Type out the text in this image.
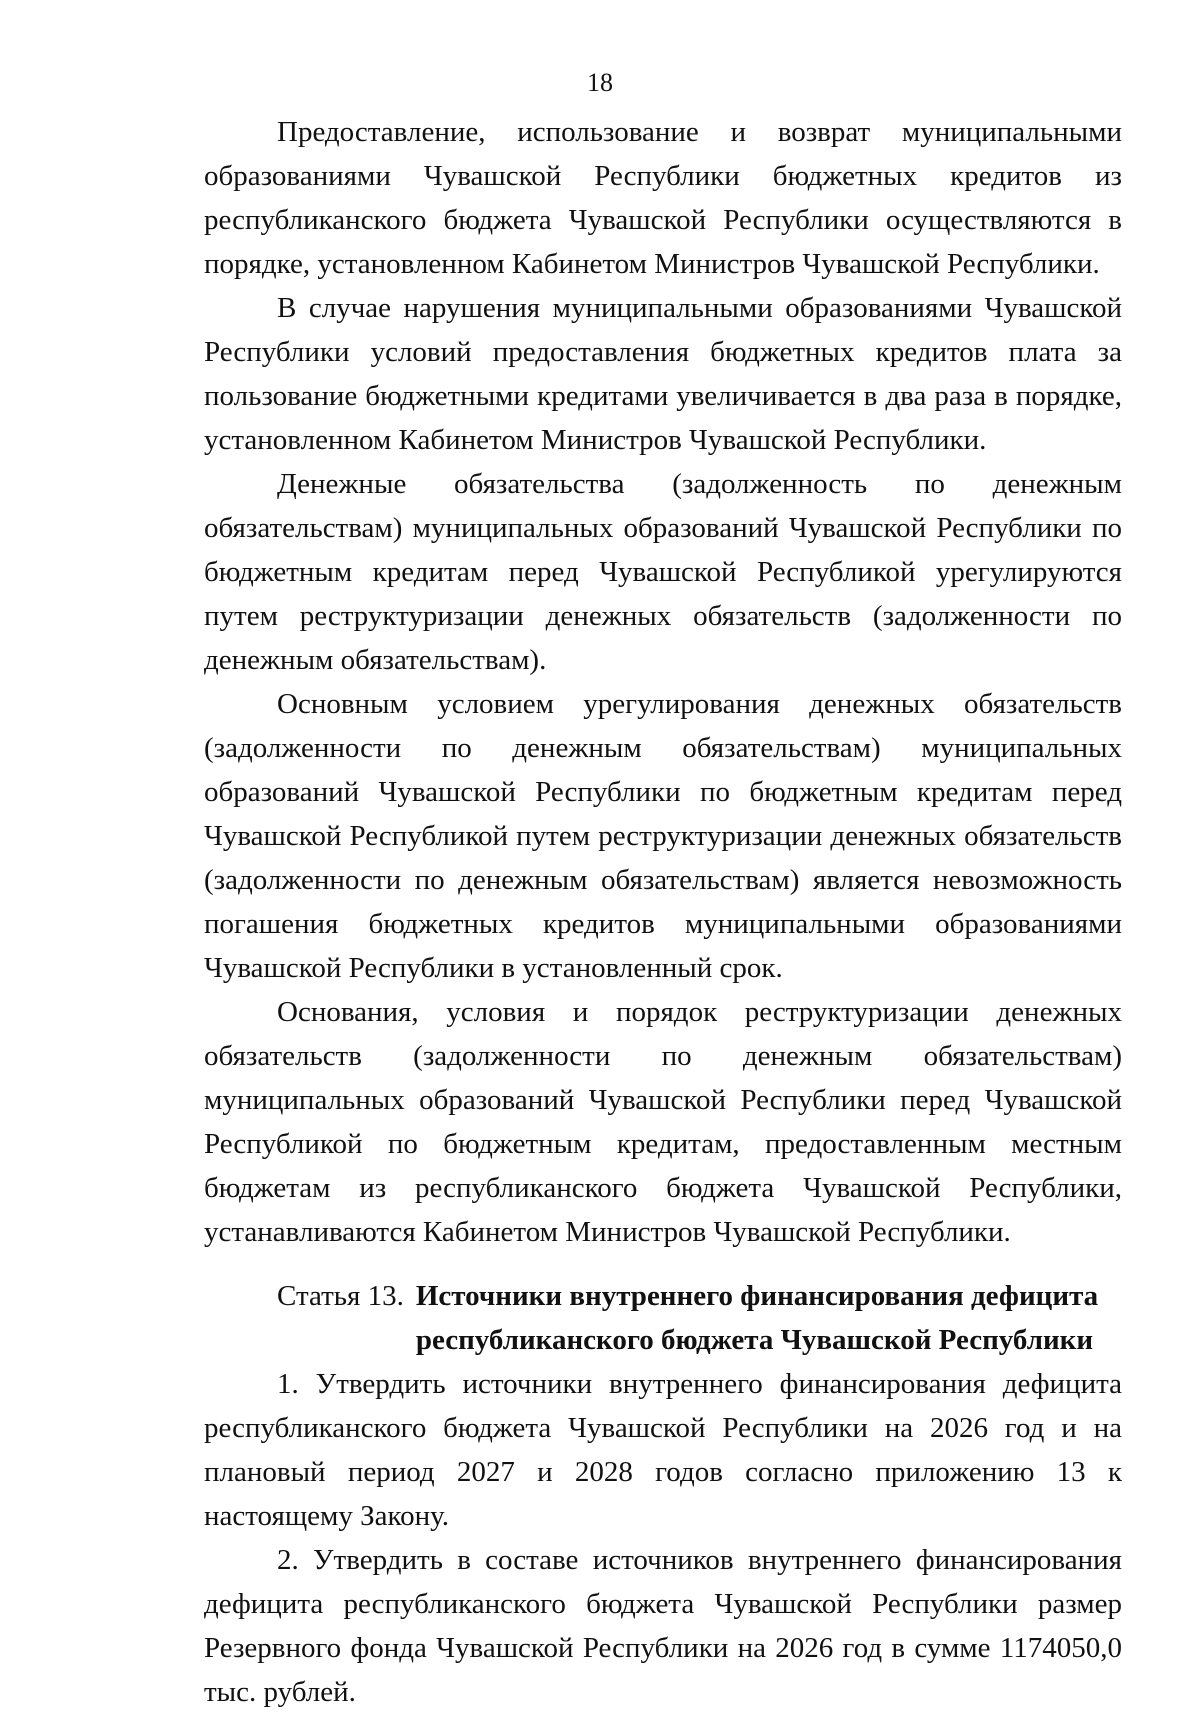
18

Предоставление, использование и возврат муниципальными образованиями Чувашской Республики бюджетных кредитов из республиканского бюджета Чувашской Республики осуществляются в порядке, установленном Кабинетом Министров Чувашской Республики.

В случае нарушения муниципальными образованиями Чувашской Республики условий предоставления бюджетных кредитов плата за пользование бюджетными кредитами увеличивается в два раза в порядке, установленном Кабинетом Министров Чувашской Республики.

Денежные обязательства (задолженность по денежным обязательствам) муниципальных образований Чувашской Республики по бюджетным кредитам перед Чувашской Республикой урегулируются путем реструктуризации денежных обязательств (задолженности по денежным обязательствам).

Основным условием урегулирования денежных обязательств (задолженности по денежным обязательствам) муниципальных образований Чувашской Республики по бюджетным кредитам перед Чувашской Республикой путем реструктуризации денежных обязательств (задолженности по денежным обязательствам) является невозможность погашения бюджетных кредитов муниципальными образованиями Чувашской Республики в установленный срок.

Основания, условия и порядок реструктуризации денежных обязательств (задолженности по денежным обязательствам) муниципальных образований Чувашской Республики перед Чувашской Республикой по бюджетным кредитам, предоставленным местным бюджетам из республиканского бюджета Чувашской Республики, устанавливаются Кабинетом Министров Чувашской Республики.

Статья 13. Источники внутреннего финансирования дефицита республиканского бюджета Чувашской Республики

1. Утвердить источники внутреннего финансирования дефицита республиканского бюджета Чувашской Республики на 2026 год и на плановый период 2027 и 2028 годов согласно приложению 13 к настоящему Закону.

2. Утвердить в составе источников внутреннего финансирования дефицита республиканского бюджета Чувашской Республики размер Резервного фонда Чувашской Республики на 2026 год в сумме 1174050,0 тыс. рублей.
